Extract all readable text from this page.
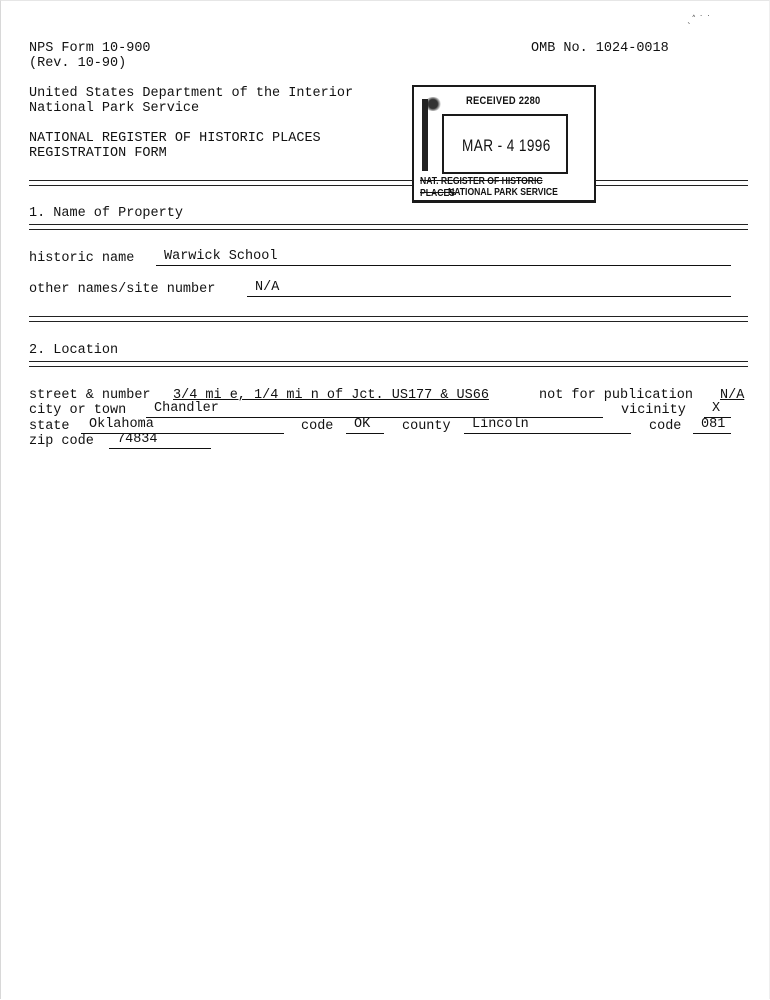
ˎ˄ ˙ ˙
NPS Form 10-900
(Rev. 10-90)
OMB No. 1024-0018
United States Department of the Interior
National Park Service
NATIONAL REGISTER OF HISTORIC PLACES
REGISTRATION FORM
RECEIVED 2280
MAR - 4 1996
NAT. REGISTER OF HISTORIC PLACES
NATIONAL PARK SERVICE
1. Name of Property
historic name	Warwick School
other names/site number	N/A
2. Location
street & number 3/4 mi e, 1/4 mi n of Jct. US177 & US66	not for publication N/A
city or town	Chandler	vicinity	X
state	Oklahoma	code	OK	county	Lincoln	code	081
zip code	74834
